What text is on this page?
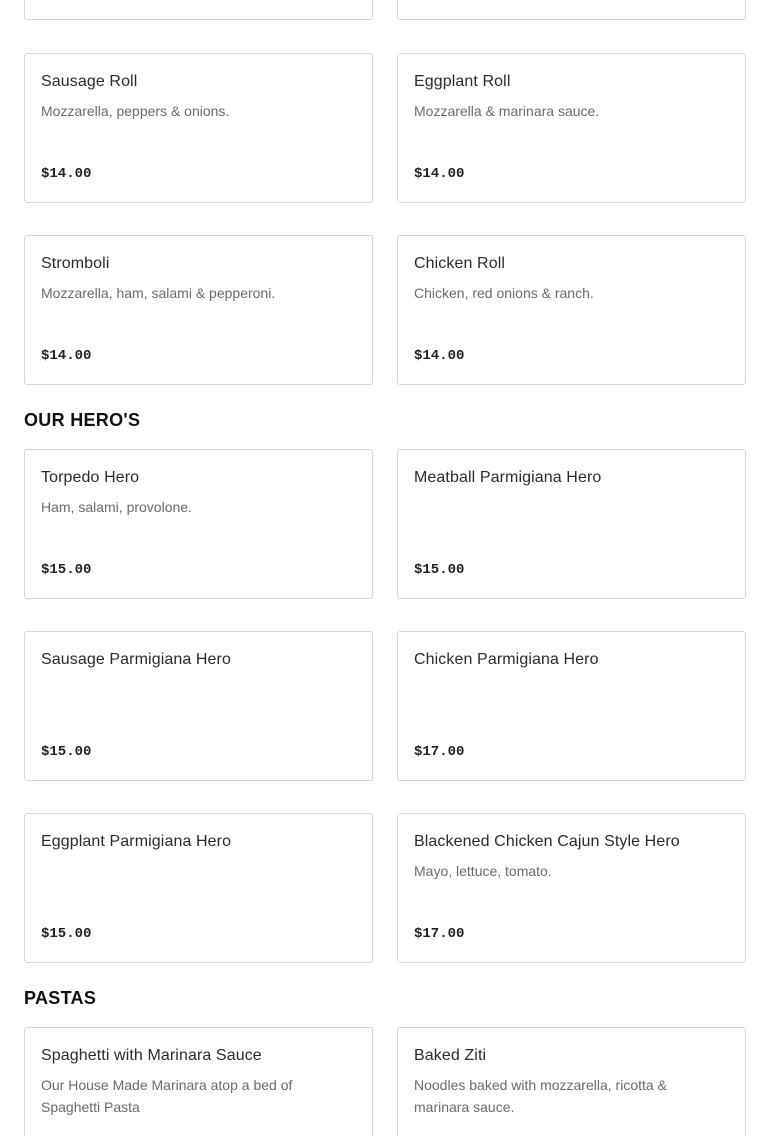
Sausage Roll
Mozzarella, peppers & onions.
$14.00
Eggplant Roll
Mozzarella & marinara sauce.
$14.00
Stromboli
Mozzarella, ham, salami & pepperoni.
$14.00
Chicken Roll
Chicken, red onions & ranch.
$14.00
OUR HERO'S
Torpedo Hero
Ham, salami, provolone.
$15.00
Meatball Parmigiana Hero
$15.00
Sausage Parmigiana Hero
$15.00
Chicken Parmigiana Hero
$17.00
Eggplant Parmigiana Hero
$15.00
Blackened Chicken Cajun Style Hero
Mayo, lettuce, tomato.
$17.00
PASTAS
Spaghetti with Marinara Sauce
Our House Made Marinara atop a bed of Spaghetti Pasta
Baked Ziti
Noodles baked with mozzarella, ricotta & marinara sauce.
